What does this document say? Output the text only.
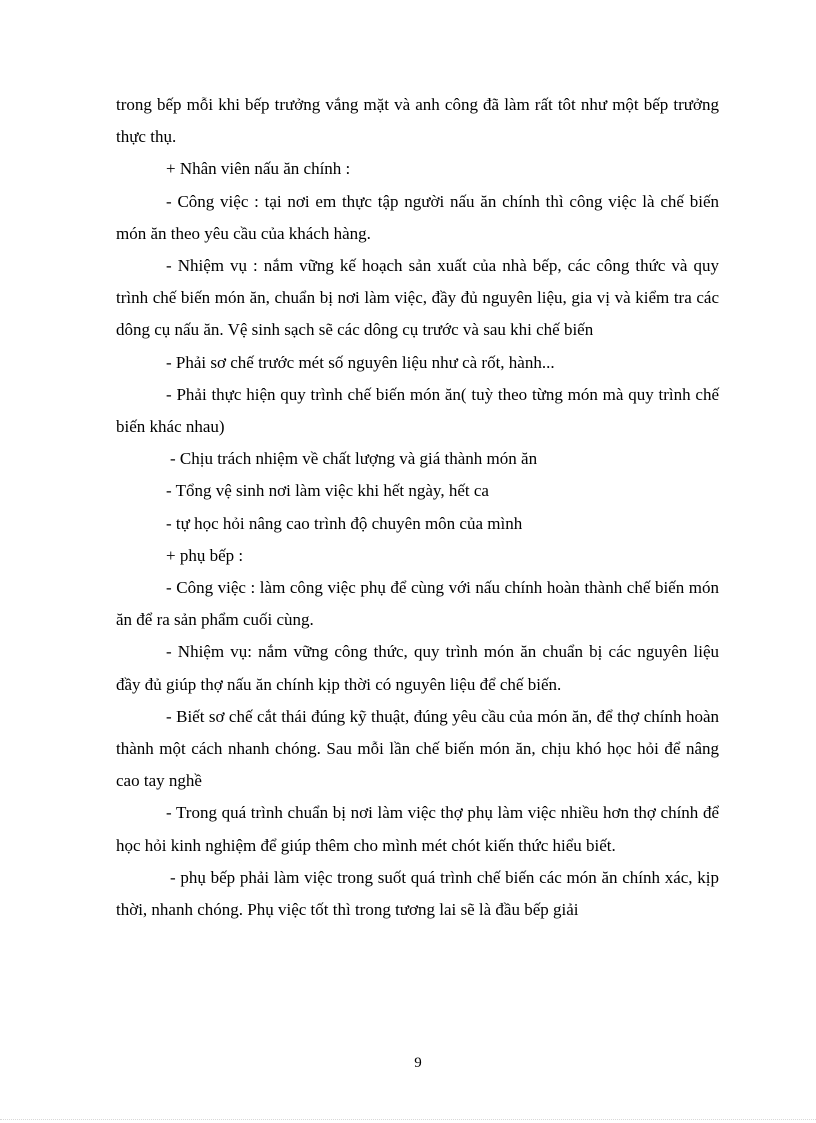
trong bếp mỗi khi bếp trưởng vắng mặt và anh công đã làm rất tôt như một bếp trưởng thực thụ.

+ Nhân viên nấu ăn chính :

- Công việc : tại nơi em thực tập người nấu ăn chính thì công việc là chế biến món ăn theo yêu cầu của khách hàng.

- Nhiệm vụ : nắm vững kế hoạch sản xuất của nhà bếp, các công thức và quy trình chế biến món ăn, chuẩn bị nơi làm việc, đầy đủ nguyên liệu, gia vị và kiểm tra các dông cụ nấu ăn. Vệ sinh sạch sẽ các dông cụ trước và sau khi chế biến

- Phải sơ chế trước mét số nguyên liệu như cà rốt, hành...

- Phải thực hiện quy trình chế biến món ăn( tuỳ theo từng món mà quy trình chế biến khác nhau)

- Chịu trách nhiệm về chất lượng và giá thành món ăn

- Tổng vệ sinh nơi làm việc khi hết ngày, hết ca

- tự học hỏi nâng cao trình độ chuyên môn của mình

+ phụ bếp :

- Công việc : làm công việc phụ để cùng với nấu chính hoàn thành chế biến món ăn để ra sản phẩm cuối cùng.

- Nhiệm vụ: nắm vững công thức, quy trình món ăn chuẩn bị các nguyên liệu đầy đủ giúp thợ nấu ăn chính kịp thời có nguyên liệu để chế biến.

- Biết sơ chế cắt thái đúng kỹ thuật, đúng yêu cầu của món ăn, để thợ chính hoàn thành một cách nhanh chóng. Sau mỗi lần chế biến món ăn, chịu khó học hỏi để nâng cao tay nghề

- Trong quá trình chuẩn bị nơi làm việc thợ phụ làm việc nhiều hơn thợ chính để học hỏi kinh nghiệm để giúp thêm cho mình mét chót kiến thức hiểu biết.

- phụ bếp phải làm việc trong suốt quá trình chế biến các món ăn chính xác, kịp thời, nhanh chóng. Phụ việc tốt thì trong tương lai sẽ là đầu bếp giải

9
